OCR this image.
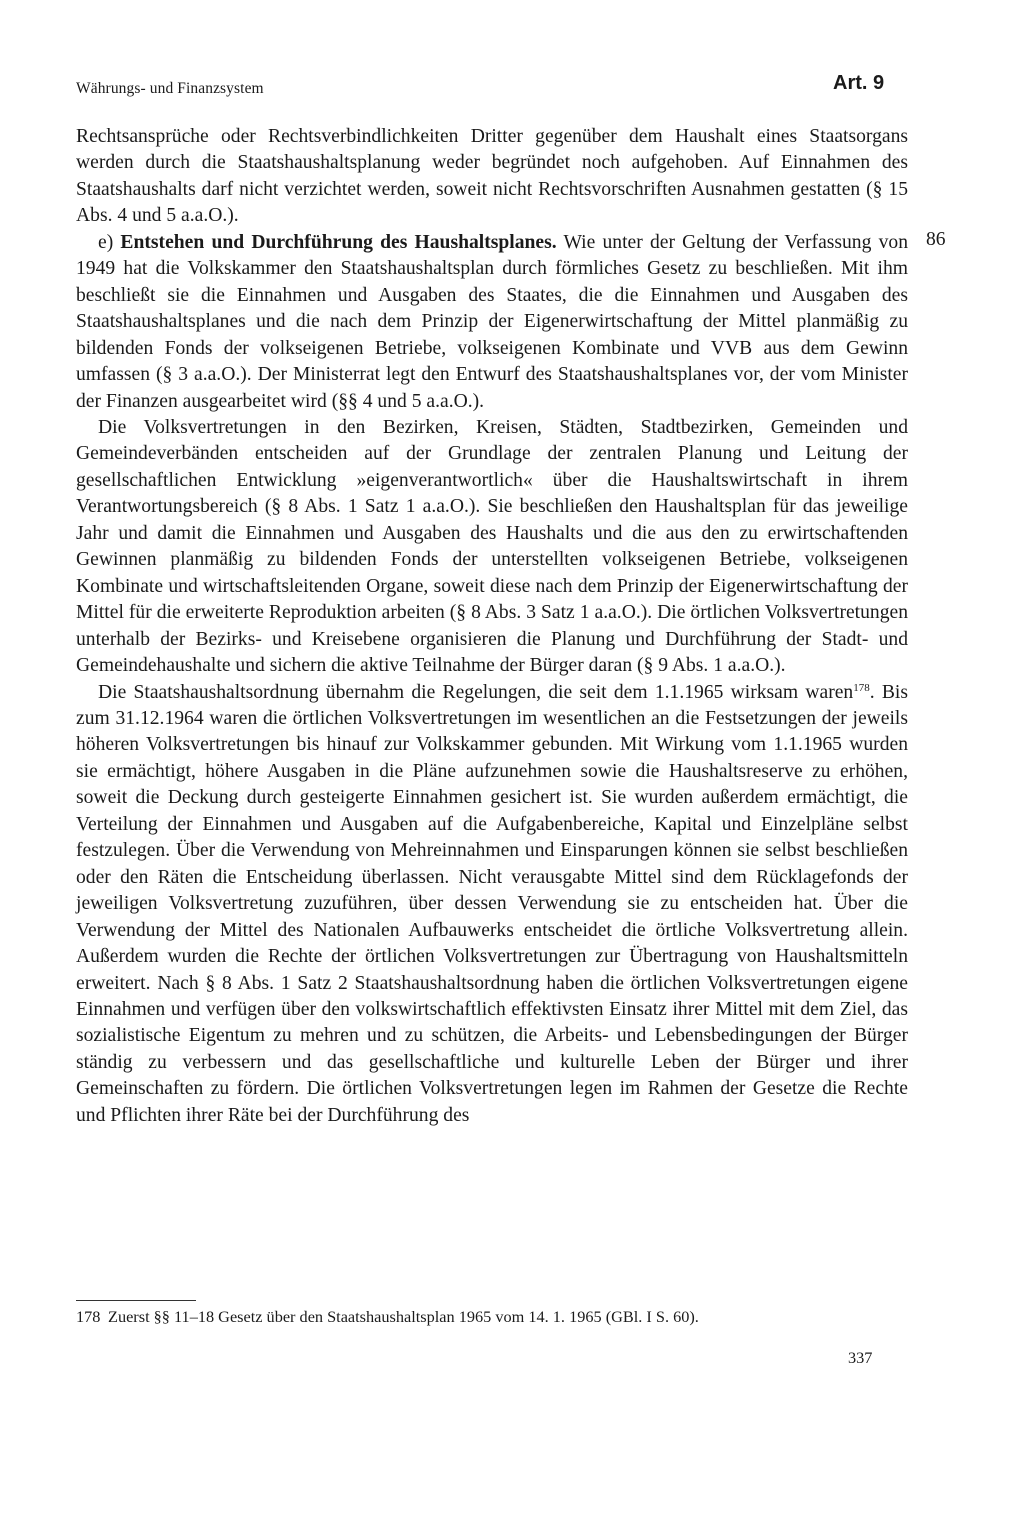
Währungs- und Finanzsystem	Art. 9
86

Rechtsansprüche oder Rechtsverbindlichkeiten Dritter gegenüber dem Haushalt eines Staatsorgans werden durch die Staatshaushaltsplanung weder begründet noch aufgehoben. Auf Einnahmen des Staatshaushalts darf nicht verzichtet werden, soweit nicht Rechtsvorschriften Ausnahmen gestatten (§ 15 Abs. 4 und 5 a.a.O.).

e) Entstehen und Durchführung des Haushaltsplanes. Wie unter der Geltung der Verfassung von 1949 hat die Volkskammer den Staatshaushaltsplan durch förmliches Gesetz zu beschließen. Mit ihm beschließt sie die Einnahmen und Ausgaben des Staates, die die Einnahmen und Ausgaben des Staatshaushaltsplanes und die nach dem Prinzip der Eigenerwirtschaftung der Mittel planmäßig zu bildenden Fonds der volkseigenen Betriebe, volkseigenen Kombinate und VVB aus dem Gewinn umfassen (§ 3 a.a.O.). Der Ministerrat legt den Entwurf des Staatshaushaltsplanes vor, der vom Minister der Finanzen ausgearbeitet wird (§§ 4 und 5 a.a.O.).

Die Volksvertretungen in den Bezirken, Kreisen, Städten, Stadtbezirken, Gemeinden und Gemeindeverbänden entscheiden auf der Grundlage der zentralen Planung und Leitung der gesellschaftlichen Entwicklung »eigenverantwortlich« über die Haushaltswirtschaft in ihrem Verantwortungsbereich (§ 8 Abs. 1 Satz 1 a.a.O.). Sie beschließen den Haushaltsplan für das jeweilige Jahr und damit die Einnahmen und Ausgaben des Haushalts und die aus den zu erwirtschaftenden Gewinnen planmäßig zu bildenden Fonds der unterstellten volkseigenen Betriebe, volkseigenen Kombinate und wirtschaftsleitenden Organe, soweit diese nach dem Prinzip der Eigenerwirtschaftung der Mittel für die erweiterte Reproduktion arbeiten (§ 8 Abs. 3 Satz 1 a.a.O.). Die örtlichen Volksvertretungen unterhalb der Bezirks- und Kreisebene organisieren die Planung und Durchführung der Stadt- und Gemeindehaushalte und sichern die aktive Teilnahme der Bürger daran (§ 9 Abs. 1 a.a.O.).

Die Staatshaushaltsordnung übernahm die Regelungen, die seit dem 1.1.1965 wirksam waren$^{178}$. Bis zum 31.12.1964 waren die örtlichen Volksvertretungen im wesentlichen an die Festsetzungen der jeweils höheren Volksvertretungen bis hinauf zur Volkskammer gebunden. Mit Wirkung vom 1.1.1965 wurden sie ermächtigt, höhere Ausgaben in die Pläne aufzunehmen sowie die Haushaltsreserve zu erhöhen, soweit die Deckung durch gesteigerte Einnahmen gesichert ist. Sie wurden außerdem ermächtigt, die Verteilung der Einnahmen und Ausgaben auf die Aufgabenbereiche, Kapital und Einzelpläne selbst festzulegen. Über die Verwendung von Mehreinnahmen und Einsparungen können sie selbst beschließen oder den Räten die Entscheidung überlassen. Nicht verausgabte Mittel sind dem Rücklagefonds der jeweiligen Volksvertretung zuzuführen, über dessen Verwendung sie zu entscheiden hat. Über die Verwendung der Mittel des Nationalen Aufbauwerks entscheidet die örtliche Volksvertretung allein. Außerdem wurden die Rechte der örtlichen Volksvertretungen zur Übertragung von Haushaltsmitteln erweitert. Nach § 8 Abs. 1 Satz 2 Staatshaushaltsordnung haben die örtlichen Volksvertretungen eigene Einnahmen und verfügen über den volkswirtschaftlich effektivsten Einsatz ihrer Mittel mit dem Ziel, das sozialistische Eigentum zu mehren und zu schützen, die Arbeits- und Lebensbedingungen der Bürger ständig zu verbessern und das gesellschaftliche und kulturelle Leben der Bürger und ihrer Gemeinschaften zu fördern. Die örtlichen Volksvertretungen legen im Rahmen der Gesetze die Rechte und Pflichten ihrer Räte bei der Durchführung des

178 Zuerst §§ 11–18 Gesetz über den Staatshaushaltsplan 1965 vom 14. 1. 1965 (GBl. I S. 60).
337
